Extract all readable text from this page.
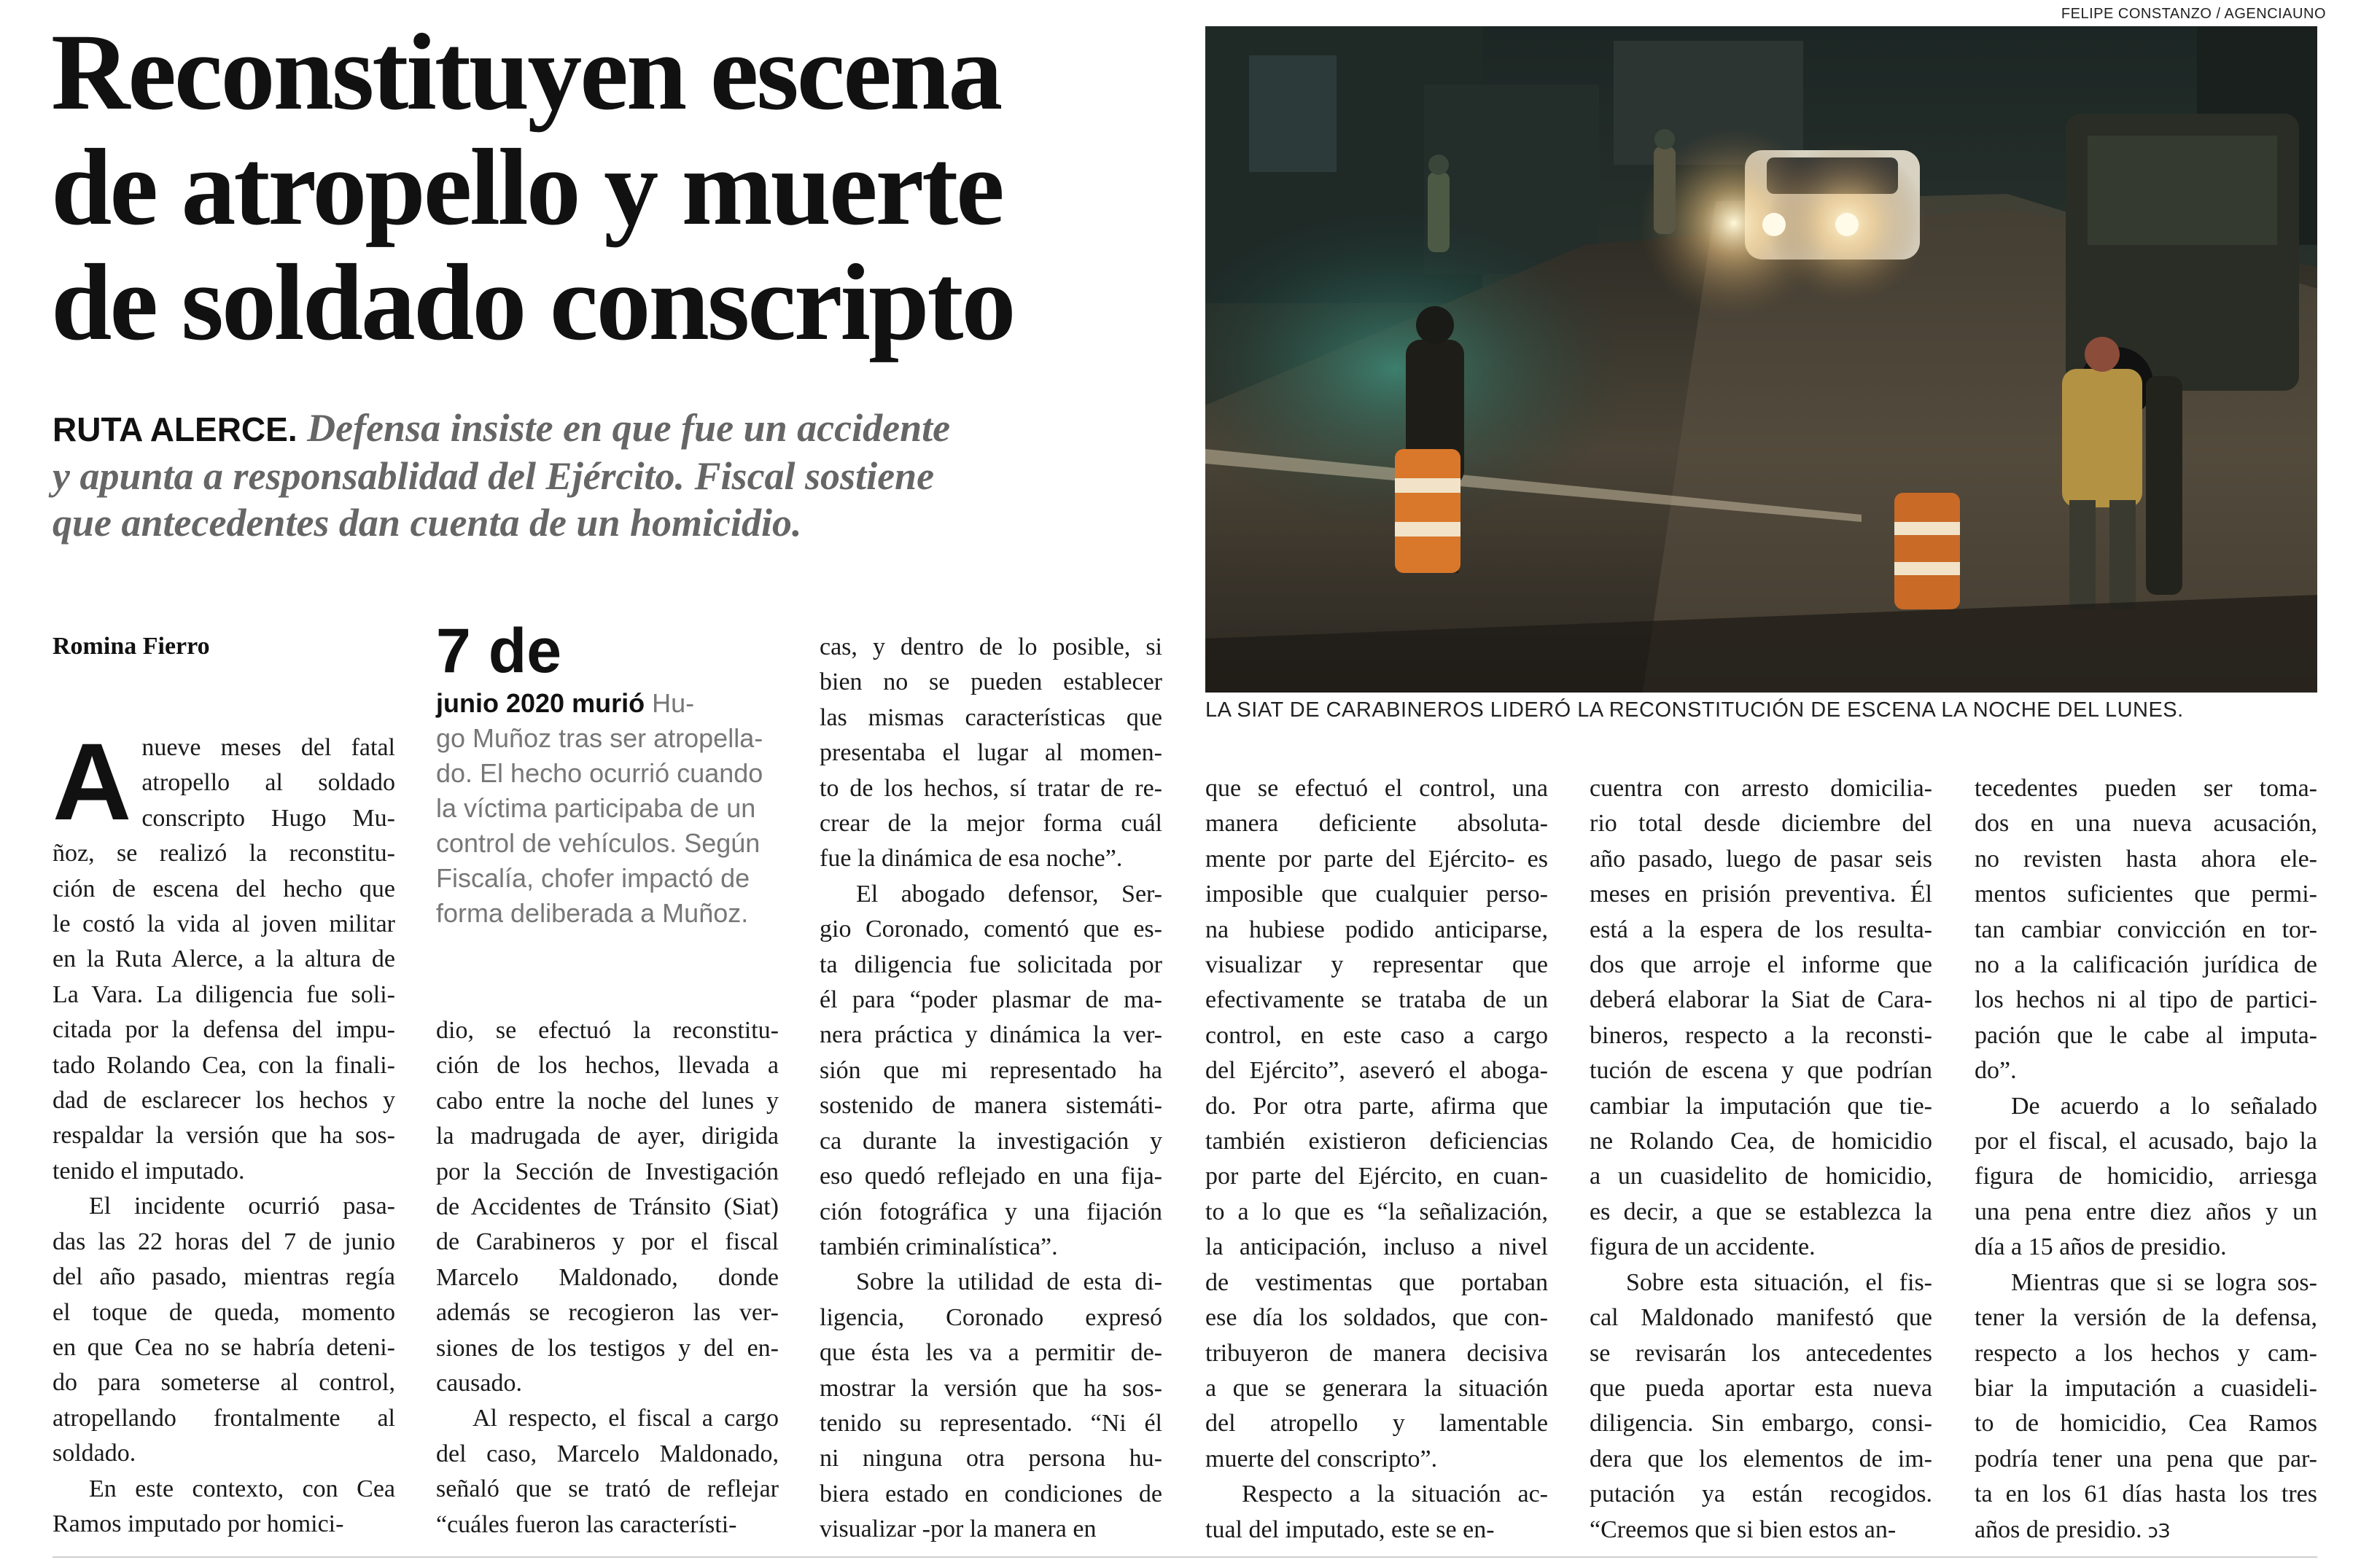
Reconstituyen escena
de atropello y muerte
de soldado conscripto
RUTA ALERCE. Defensa insiste en que fue un accidente
y apunta a responsablidad del Ejército. Fiscal sostiene
que antecedentes dan cuenta de un homicidio.
Romina Fierro
FELIPE CONSTANZO / AGENCIAUNO
LA SIAT DE CARABINEROS LIDERÓ LA RECONSTITUCIÓN DE ESCENA LA NOCHE DEL LUNES.
7 de
junio 2020 murió Hu-
go Muñoz tras ser atropella-
do. El hecho ocurrió cuando
la víctima participaba de un
control de vehículos. Según
Fiscalía, chofer impactó de
forma deliberada a Muñoz.
A nueve meses del fatal
atropello al soldado
conscripto Hugo Mu-
ñoz, se realizó la reconstitu-
ción de escena del hecho que
le costó la vida al joven militar
en la Ruta Alerce, a la altura de
La Vara. La diligencia fue soli-
citada por la defensa del impu-
tado Rolando Cea, con la finali-
dad de esclarecer los hechos y
respaldar la versión que ha sos-
tenido el imputado.
El incidente ocurrió pasa-
das las 22 horas del 7 de junio
del año pasado, mientras regía
el toque de queda, momento
en que Cea no se habría deteni-
do para someterse al control,
atropellando frontalmente al
soldado.
En este contexto, con Cea
Ramos imputado por homici-
dio, se efectuó la reconstitu-
ción de los hechos, llevada a
cabo entre la noche del lunes y
la madrugada de ayer, dirigida
por la Sección de Investigación
de Accidentes de Tránsito (Siat)
de Carabineros y por el fiscal
Marcelo Maldonado, donde
además se recogieron las ver-
siones de los testigos y del en-
causado.
Al respecto, el fiscal a cargo
del caso, Marcelo Maldonado,
señaló que se trató de reflejar
“cuáles fueron las característi-
cas, y dentro de lo posible, si
bien no se pueden establecer
las mismas características que
presentaba el lugar al momen-
to de los hechos, sí tratar de re-
crear de la mejor forma cuál
fue la dinámica de esa noche”.
El abogado defensor, Ser-
gio Coronado, comentó que es-
ta diligencia fue solicitada por
él para “poder plasmar de ma-
nera práctica y dinámica la ver-
sión que mi representado ha
sostenido de manera sistemáti-
ca durante la investigación y
eso quedó reflejado en una fija-
ción fotográfica y una fijación
también criminalística”.
Sobre la utilidad de esta di-
ligencia, Coronado expresó
que ésta les va a permitir de-
mostrar la versión que ha sos-
tenido su representado. “Ni él
ni ninguna otra persona hu-
biera estado en condiciones de
visualizar -por la manera en
que se efectuó el control, una
manera deficiente absoluta-
mente por parte del Ejército- es
imposible que cualquier perso-
na hubiese podido anticiparse,
visualizar y representar que
efectivamente se trataba de un
control, en este caso a cargo
del Ejército”, aseveró el aboga-
do. Por otra parte, afirma que
también existieron deficiencias
por parte del Ejército, en cuan-
to a lo que es “la señalización,
la anticipación, incluso a nivel
de vestimentas que portaban
ese día los soldados, que con-
tribuyeron de manera decisiva
a que se generara la situación
del atropello y lamentable
muerte del conscripto”.
Respecto a la situación ac-
tual del imputado, este se en-
cuentra con arresto domicilia-
rio total desde diciembre del
año pasado, luego de pasar seis
meses en prisión preventiva. Él
está a la espera de los resulta-
dos que arroje el informe que
deberá elaborar la Siat de Cara-
bineros, respecto a la reconsti-
tución de escena y que podrían
cambiar la imputación que tie-
ne Rolando Cea, de homicidio
a un cuasidelito de homicidio,
es decir, a que se establezca la
figura de un accidente.
Sobre esta situación, el fis-
cal Maldonado manifestó que
se revisarán los antecedentes
que pueda aportar esta nueva
diligencia. Sin embargo, consi-
dera que los elementos de im-
putación ya están recogidos.
“Creemos que si bien estos an-
tecedentes pueden ser toma-
dos en una nueva acusación,
no revisten hasta ahora ele-
mentos suficientes que permi-
tan cambiar convicción en tor-
no a la calificación jurídica de
los hechos ni al tipo de partici-
pación que le cabe al imputa-
do”.
De acuerdo a lo señalado
por el fiscal, el acusado, bajo la
figura de homicidio, arriesga
una pena entre diez años y un
día a 15 años de presidio.
Mientras que si se logra sos-
tener la versión de la defensa,
respecto a los hechos y cam-
biar la imputación a cuasideli-
to de homicidio, Cea Ramos
podría tener una pena que par-
ta en los 61 días hasta los tres
años de presidio. ↄЗ
